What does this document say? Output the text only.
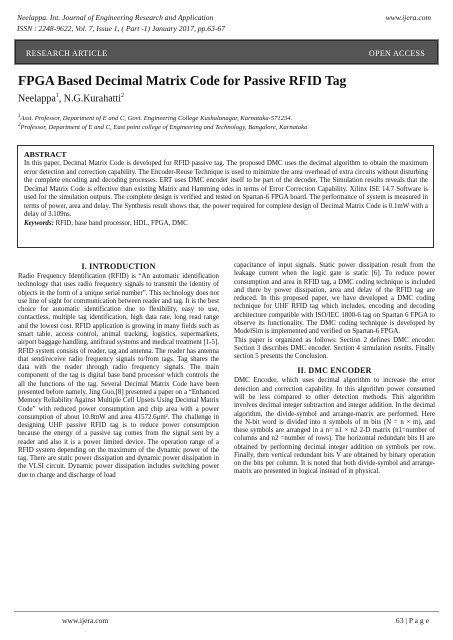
Neelappa. Int. Journal of Engineering Research and Application	www.ijera.com
ISSN : 2248-9622, Vol. 7, Issue 1, ( Part -1) January 2017, pp.63-67
RESEARCH ARTICLE	OPEN ACCESS
FPGA Based Decimal Matrix Code for Passive RFID Tag
Neelappa$^1$, N.G.Kurahatti$^2$
$^1$Asst. Professor, Department of E and C, Govt. Engineering College Kushalanagar, Karnataka-571234.
$^2$Professor, Department of E and C, East point college of Engineering and Technology, Bangalore, Karnataka
ABSTRACT
In this paper, Decimal Matrix Code is developed for RFID passive tag. The proposed DMC uses the decimal algorithm to obtain the maximum error detection and correction capability. The Encoder-Reuse Technique is used to minimize the area overhead of extra circuits without disturbing the complete encoding and decoding processes. ERT uses DMC encoder itself to be part of the decoder. The Simulation results reveals that the Decimal Matrix Code is effective than existing Matrix and Hamming odes in terms of Error Correction Capability. Xilinx ISE 14.7 Software is used for the simulation outputs. The complete design is verified and tested on Spartan-6 FPGA board. The performance of system is measured in terms of power, area and delay. The Synthesis result shows that, the power required for complete design of Decimal Matrix Code is 0.1mW with a delay of 3.109ns.
Keywords: RFID, base band processor, HDL, FPGA, DMC
I. INTRODUCTION

Radio Frequency Identification (RFID) is “An automatic identification technology that uses radio frequency signals to transmit the identity of objects in the form of a unique serial number”. This technology does not use line of sight for communication between reader and tag. It is the best choice for automatic identification due to flexibility, easy to use, contactless, multiple tag identification, high data rate, long read range and the lowest cost. RFID application is growing in many fields such as smart table, access control, animal tracking, logistics, supermarkets, airport baggage handling, antifraud systems and medical treatment [1-5]. RFID system consists of reader, tag and antenna. The reader has antenna that send/receive radio frequency signals to/from tags. Tag shares the data with the reader through radio frequency signals. The main component of the tag is digital base band processor which controls the all the functions of the tag. Several Decimal Matrix Code have been presented before namely, Jing Guo,[8] presented a paper on a “Enhanced Memory Reliability Against Multiple Cell Upsets Using Decimal Matrix Code” with reduced power consumption and chip area with a power consumption of about 10.8mW and area 41572.6μm². The challenge in designing UHF passive RFID tag is to reduce power consumption because the energy of a passive tag comes from the signal sent by a reader and also it is a power limited device. The operation range of a RFID system depending on the maximum of the dynamic power of the tag. There are static power dissipation and dynamic power dissipation in the VLSI circuit. Dynamic power dissipation includes switching power due to charge and discharge of load

capacitance of input signals. Static power dissipation result from the leakage current when the logic gate is static [6]. To reduce power consumption and area in RFID tag, a DMC coding technique is included and there by power dissipation, area and delay of the RFID tag are reduced. In this proposed paper, we have developed a DMC coding technique for UHF RFID tag which includes, encoding and decoding architecture compatible with ISO/IEC 1800-6 tag on Spartan 6 FPGA to observe its functionality. The DMC coding technique is developed by ModelSim is implemented and verified on Spartan-6 FPGA.

This paper is organized as follows: Section 2 defines DMC encoder. Section 3 describes DMC encoder. Section 4 simulation results. Finally section 5 presents the Conclusion.

II. DMC ENCODER

DMC Encoder, which uses decimal algorithm to increase the error detection and correction capability. In this algorithm power consumed will be less compared to other detection methods. This algorithm involves decimal integer subtraction and integer addition. In the decimal algorithm, the divide-symbol and arrange-matrix are performed. Here the N-bit word is divided into n symbols of m bits (N = n × m), and these symbols are arranged in a n= n1 × n2 2-D matrix (n1=number of columns and n2 =number of rows). The horizontal redundant bits H are obtained by performing decimal integer addition on symbols per row. Finally, then vertical redundant bits V are obtained by binary operation on the bits per column. It is noted that both divide-symbol and arrange-matrix are presented in logical instead of in physical.

www.ijera.com	63 | P a g e
